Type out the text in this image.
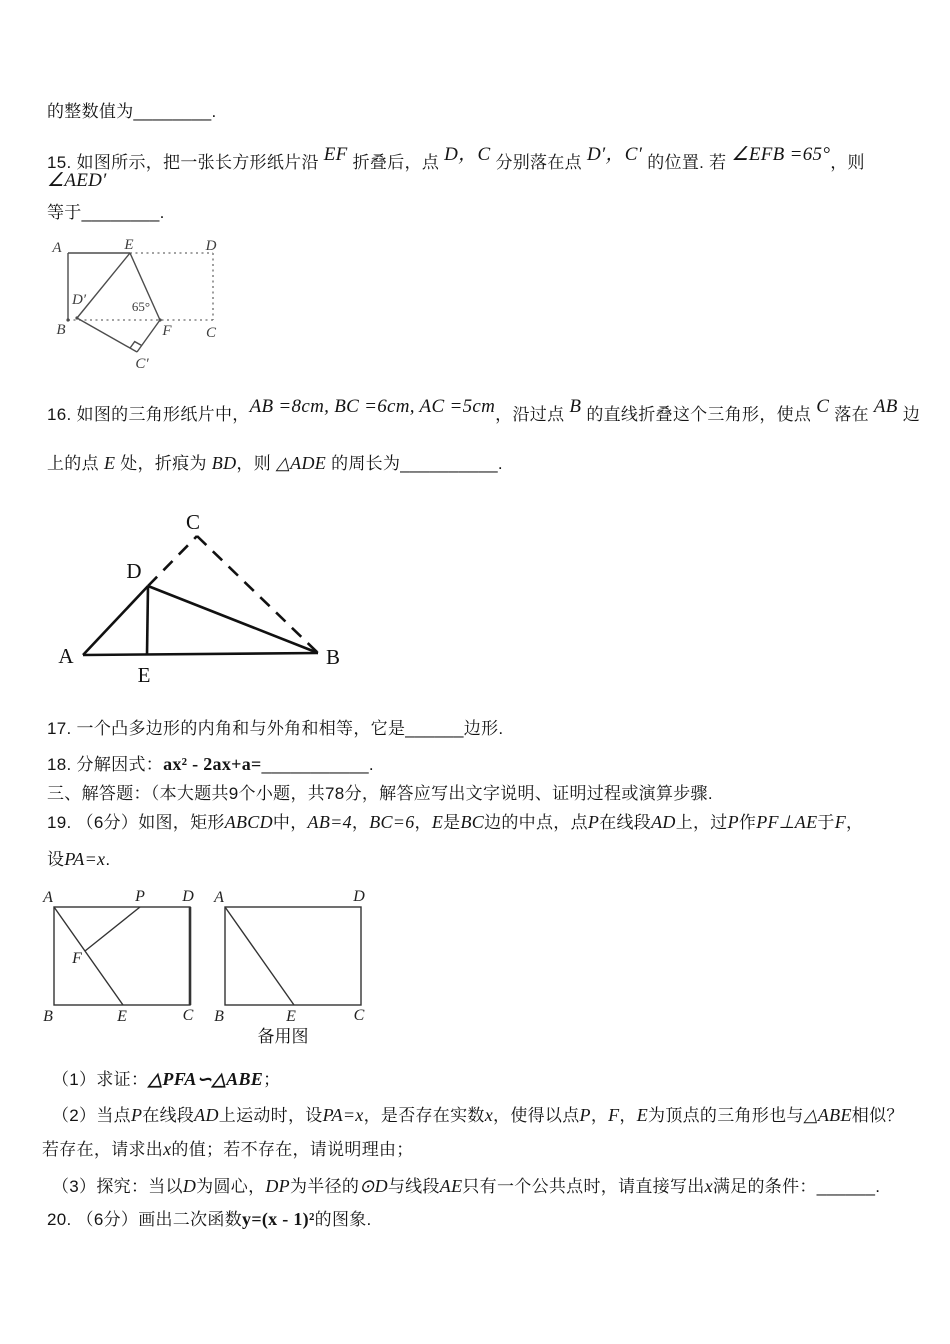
的整数值为________.
15. 如图所示，把一张长方形纸片沿 EF 折叠后，点 D，C 分别落在点 D′，C′ 的位置. 若 ∠EFB =65°，则 ∠AED′
等于________.
16. 如图的三角形纸片中，AB =8cm, BC =6cm, AC =5cm，沿过点 B 的直线折叠这个三角形，使点 C 落在 AB 边
上的点 E 处，折痕为 BD，则 △ADE 的周长为__________.
17. 一个凸多边形的内角和与外角和相等，它是______边形.
18. 分解因式：ax² - 2ax+a=___________.
三、解答题：（本大题共9个小题，共78分，解答应写出文字说明、证明过程或演算步骤.
19. （6分）如图，矩形ABCD中，AB=4，BC=6，E是BC边的中点，点P在线段AD上，过P作PF⊥AE于F，
设PA=x.
（1）求证：△PFA∽△ABE；
（2）当点P在线段AD上运动时，设PA=x，是否存在实数x，使得以点P，F，E为顶点的三角形也与△ABE相似？
若存在，请求出x的值；若不存在，请说明理由；
（3）探究：当以D为圆心，DP为半径的⊙D与线段AE只有一个公共点时，请直接写出x满足的条件：______.
20. （6分）画出二次函数y=(x - 1)²的图象.
A	E	D
D′
B	F C
C′
65°
C
D
A	B
E
A	P D
B	E	C
F
A	D
B	E	C
备用图
